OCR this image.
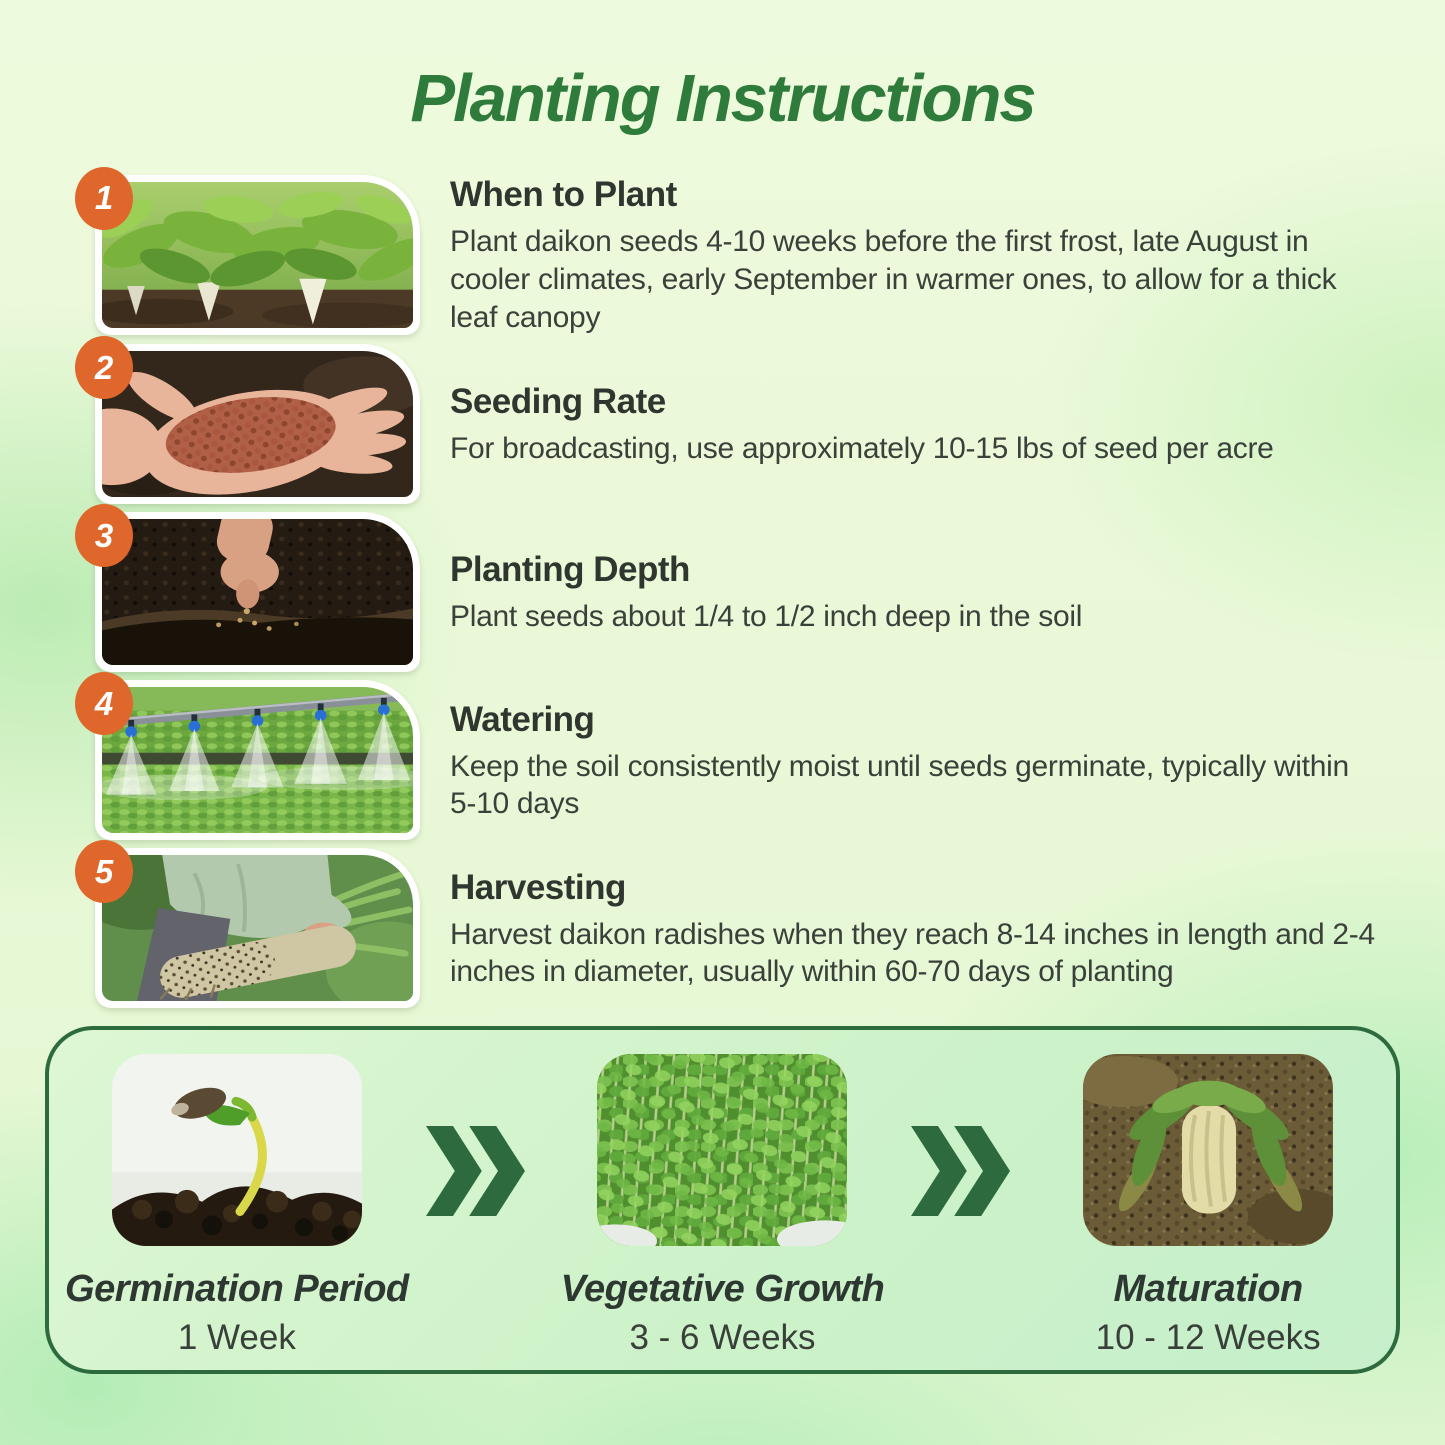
Planting Instructions
1	When to Plant

Plant daikon seeds 4-10 weeks before the first frost, late August in cooler climates, early September in warmer ones, to allow for a thick leaf canopy

2
Seeding Rate

For broadcasting, use approximately 10-15 lbs of seed per acre

3
Planting Depth

Plant seeds about 1/4 to 1/2 inch deep in the soil

4	Watering

Keep the soil consistently moist until seeds germinate, typically within 5-10 days

5	Harvesting

Harvest daikon radishes when they reach 8-14 inches in length and 2-4 inches in diameter, usually within 60-70 days of planting

Germination Period
1 Week
Vegetative Growth
3 - 6 Weeks
Maturation
10 - 12 Weeks
